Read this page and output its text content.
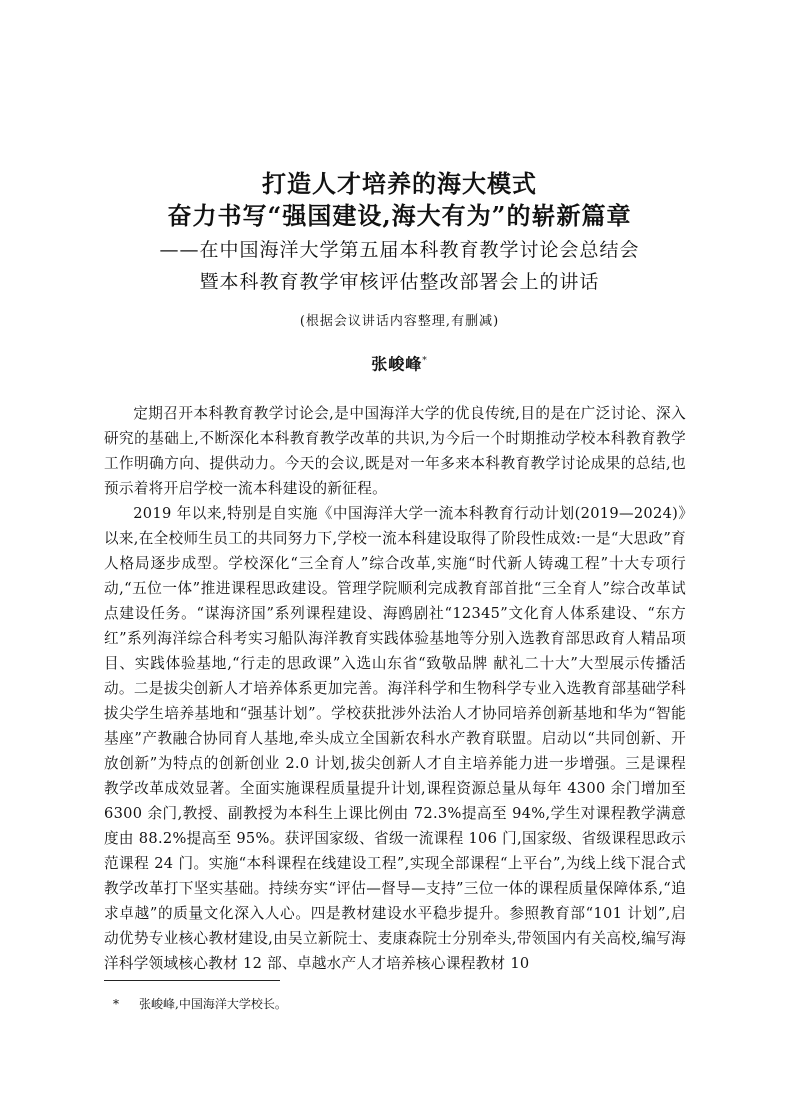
打造人才培养的海大模式
奋力书写“强国建设,海大有为”的崭新篇章
——在中国海洋大学第五届本科教育教学讨论会总结会
暨本科教育教学审核评估整改部署会上的讲话
(根据会议讲话内容整理,有删减)
张峻峰*

定期召开本科教育教学讨论会,是中国海洋大学的优良传统,目的是在广泛讨论、深入研究的基础上,不断深化本科教育教学改革的共识,为今后一个时期推动学校本科教育教学工作明确方向、提供动力。今天的会议,既是对一年多来本科教育教学讨论成果的总结,也预示着将开启学校一流本科建设的新征程。

2019 年以来,特别是自实施《中国海洋大学一流本科教育行动计划(2019—2024)》以来,在全校师生员工的共同努力下,学校一流本科建设取得了阶段性成效:一是“大思政”育人格局逐步成型。学校深化“三全育人”综合改革,实施“时代新人铸魂工程”十大专项行动,“五位一体”推进课程思政建设。管理学院顺利完成教育部首批“三全育人”综合改革试点建设任务。“谋海济国”系列课程建设、海鸥剧社“12345”文化育人体系建设、“东方红”系列海洋综合科考实习船队海洋教育实践体验基地等分别入选教育部思政育人精品项目、实践体验基地,“行走的思政课”入选山东省“致敬品牌 献礼二十大”大型展示传播活动。二是拔尖创新人才培养体系更加完善。海洋科学和生物科学专业入选教育部基础学科拔尖学生培养基地和“强基计划”。学校获批涉外法治人才协同培养创新基地和华为“智能基座”产教融合协同育人基地,牵头成立全国新农科水产教育联盟。启动以“共同创新、开放创新”为特点的创新创业 2.0 计划,拔尖创新人才自主培养能力进一步增强。三是课程教学改革成效显著。全面实施课程质量提升计划,课程资源总量从每年 4300 余门增加至 6300 余门,教授、副教授为本科生上课比例由 72.3%提高至 94%,学生对课程教学满意度由 88.2%提高至 95%。获评国家级、省级一流课程 106 门,国家级、省级课程思政示范课程 24 门。实施“本科课程在线建设工程”,实现全部课程“上平台”,为线上线下混合式教学改革打下坚实基础。持续夯实“评估—督导—支持”三位一体的课程质量保障体系,“追求卓越”的质量文化深入人心。四是教材建设水平稳步提升。参照教育部“101 计划”,启动优势专业核心教材建设,由吴立新院士、麦康森院士分别牵头,带领国内有关高校,编写海洋科学领域核心教材 12 部、卓越水产人才培养核心课程教材 10

* 张峻峰,中国海洋大学校长。
